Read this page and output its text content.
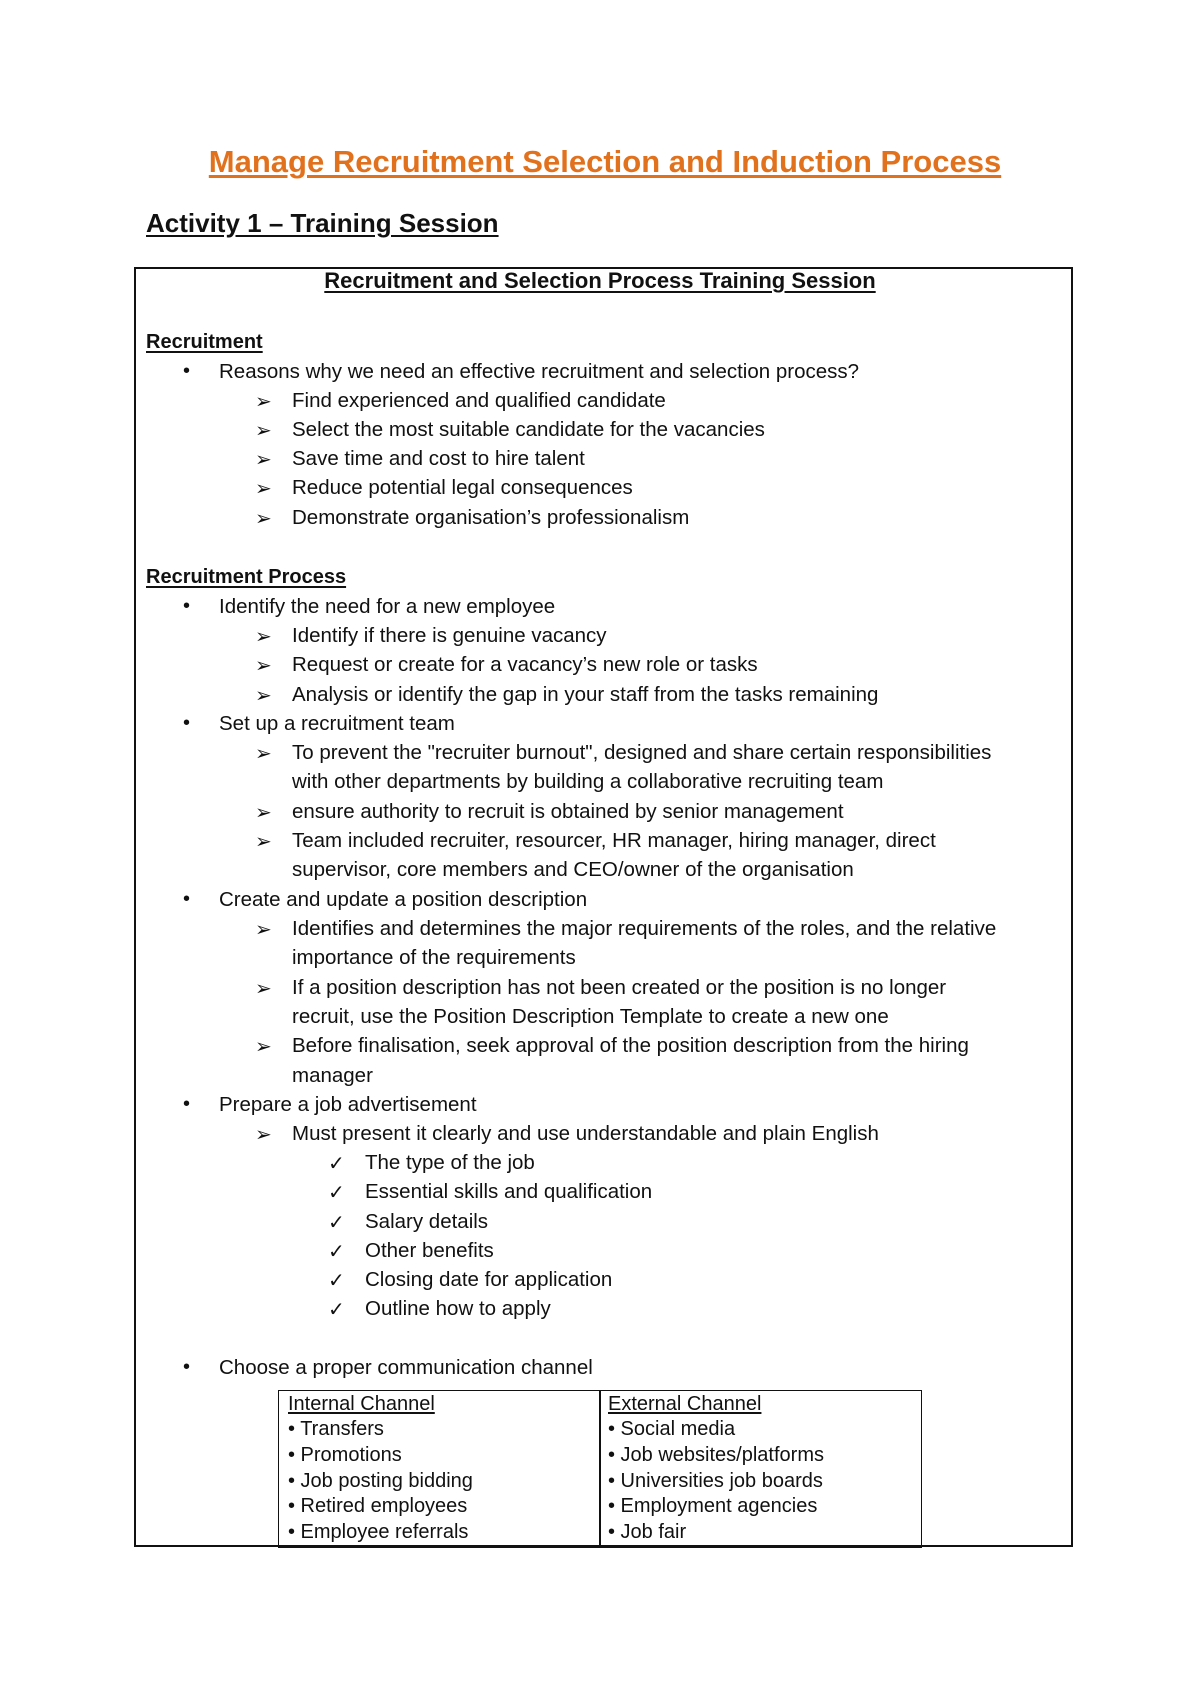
Manage Recruitment Selection and Induction Process
Activity 1 – Training Session
Recruitment and Selection Process Training Session
Recruitment
• Reasons why we need an effective recruitment and selection process?
➢ Find experienced and qualified candidate
➢ Select the most suitable candidate for the vacancies
➢ Save time and cost to hire talent
➢ Reduce potential legal consequences
➢ Demonstrate organisation’s professionalism
Recruitment Process
• Identify the need for a new employee
➢ Identify if there is genuine vacancy
➢ Request or create for a vacancy’s new role or tasks
➢ Analysis or identify the gap in your staff from the tasks remaining
• Set up a recruitment team
➢ To prevent the "recruiter burnout", designed and share certain responsibilities
with other departments by building a collaborative recruiting team
➢ ensure authority to recruit is obtained by senior management
➢ Team included recruiter, resourcer, HR manager, hiring manager, direct
supervisor, core members and CEO/owner of the organisation
• Create and update a position description
➢ Identifies and determines the major requirements of the roles, and the relative
importance of the requirements
➢ If a position description has not been created or the position is no longer
recruit, use the Position Description Template to create a new one
➢ Before finalisation, seek approval of the position description from the hiring
manager
• Prepare a job advertisement
➢ Must present it clearly and use understandable and plain English
✓ The type of the job
✓ Essential skills and qualification
✓ Salary details
✓ Other benefits
✓ Closing date for application
✓ Outline how to apply
• Choose a proper communication channel
Internal Channel	External Channel
• Transfers
• Promotions
• Job posting bidding
• Retired employees
• Employee referrals
• Social media
• Job websites/platforms
• Universities job boards
• Employment agencies
• Job fair
